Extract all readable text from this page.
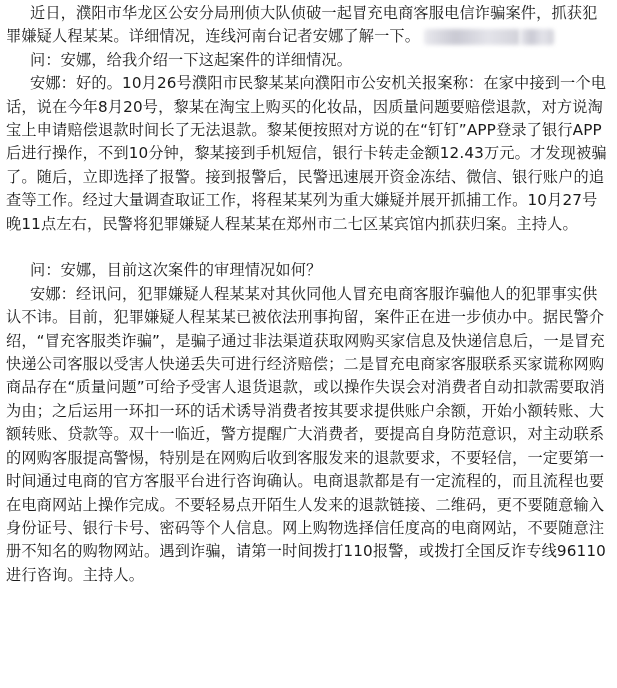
近日，濮阳市华龙区公安分局刑侦大队侦破一起冒充电商客服电信诈骗案件，抓获犯罪嫌疑人程某某。详细情况，连线河南台记者安娜了解一下。

问：安娜，给我介绍一下这起案件的详细情况。

安娜：好的。10月26号濮阳市民黎某某向濮阳市公安机关报案称：在家中接到一个电话，说在今年8月20号，黎某在淘宝上购买的化妆品，因质量问题要赔偿退款，对方说淘宝上申请赔偿退款时间长了无法退款。黎某便按照对方说的在“钉钉”APP登录了银行APP后进行操作，不到10分钟，黎某接到手机短信，银行卡转走金额12.43万元。才发现被骗了。随后，立即选择了报警。接到报警后，民警迅速展开资金冻结、微信、银行账户的追查等工作。经过大量调查取证工作，将程某某列为重大嫌疑并展开抓捕工作。10月27号晚11点左右，民警将犯罪嫌疑人程某某在郑州市二七区某宾馆内抓获归案。主持人。

问：安娜，目前这次案件的审理情况如何？

安娜：经讯问，犯罪嫌疑人程某某对其伙同他人冒充电商客服诈骗他人的犯罪事实供认不讳。目前，犯罪嫌疑人程某某已被依法刑事拘留，案件正在进一步侦办中。据民警介绍，“冒充客服类诈骗”，是骗子通过非法渠道获取网购买家信息及快递信息后，一是冒充快递公司客服以受害人快递丢失可进行经济赔偿；二是冒充电商家客服联系买家谎称网购商品存在“质量问题”可给予受害人退货退款，或以操作失误会对消费者自动扣款需要取消为由；之后运用一环扣一环的话术诱导消费者按其要求提供账户余额，开始小额转账、大额转账、贷款等。双十一临近，警方提醒广大消费者，要提高自身防范意识，对主动联系的网购客服提高警惕，特别是在网购后收到客服发来的退款要求，不要轻信，一定要第一时间通过电商的官方客服平台进行咨询确认。电商退款都是有一定流程的，而且流程也要在电商网站上操作完成。不要轻易点开陌生人发来的退款链接、二维码，更不要随意输入身份证号、银行卡号、密码等个人信息。网上购物选择信任度高的电商网站，不要随意注册不知名的购物网站。遇到诈骗，请第一时间拨打110报警，或拨打全国反诈专线96110进行咨询。主持人。
